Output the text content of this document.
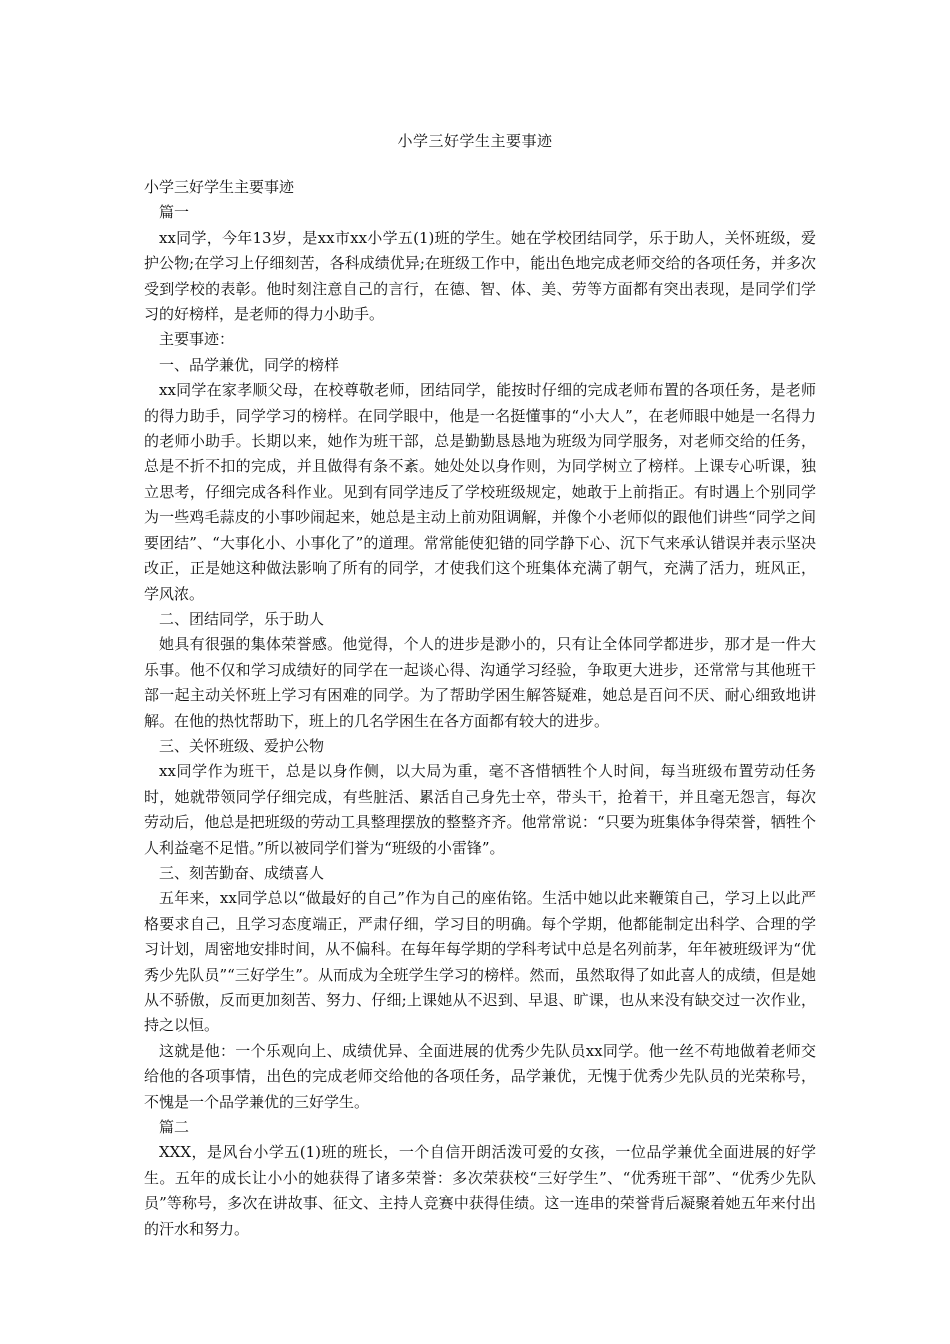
小学三好学生主要事迹

小学三好学生主要事迹

篇一

xx同学，今年13岁，是xx市xx小学五(1)班的学生。她在学校团结同学，乐于助人，关怀班级，爱护公物;在学习上仔细刻苦，各科成绩优异;在班级工作中，能出色地完成老师交给的各项任务，并多次受到学校的表彰。他时刻注意自己的言行，在德、智、体、美、劳等方面都有突出表现，是同学们学习的好榜样，是老师的得力小助手。

主要事迹：

一、品学兼优，同学的榜样

xx同学在家孝顺父母，在校尊敬老师，团结同学，能按时仔细的完成老师布置的各项任务，是老师的得力助手，同学学习的榜样。在同学眼中，他是一名挺懂事的“小大人”，在老师眼中她是一名得力的老师小助手。长期以来，她作为班干部，总是勤勤恳恳地为班级为同学服务，对老师交给的任务，总是不折不扣的完成，并且做得有条不紊。她处处以身作则，为同学树立了榜样。上课专心听课，独立思考，仔细完成各科作业。见到有同学违反了学校班级规定，她敢于上前指正。有时遇上个别同学为一些鸡毛蒜皮的小事吵闹起来，她总是主动上前劝阻调解，并像个小老师似的跟他们讲些“同学之间要团结”、“大事化小、小事化了”的道理。常常能使犯错的同学静下心、沉下气来承认错误并表示坚决改正，正是她这种做法影响了所有的同学，才使我们这个班集体充满了朝气，充满了活力，班风正，学风浓。

二、团结同学，乐于助人

她具有很强的集体荣誉感。他觉得，个人的进步是渺小的，只有让全体同学都进步，那才是一件大乐事。他不仅和学习成绩好的同学在一起谈心得、沟通学习经验，争取更大进步，还常常与其他班干部一起主动关怀班上学习有困难的同学。为了帮助学困生解答疑难，她总是百问不厌、耐心细致地讲解。在他的热忱帮助下，班上的几名学困生在各方面都有较大的进步。

三、关怀班级、爱护公物

xx同学作为班干，总是以身作侧，以大局为重，毫不吝惜牺牲个人时间，每当班级布置劳动任务时，她就带领同学仔细完成，有些脏活、累活自己身先士卒，带头干，抢着干，并且毫无怨言，每次劳动后，他总是把班级的劳动工具整理摆放的整整齐齐。他常常说：“只要为班集体争得荣誉，牺牲个人利益毫不足惜。”所以被同学们誉为“班级的小雷锋”。

三、刻苦勤奋、成绩喜人

五年来，xx同学总以“做最好的自己”作为自己的座佑铭。生活中她以此来鞭策自己，学习上以此严格要求自己，且学习态度端正，严肃仔细，学习目的明确。每个学期，他都能制定出科学、合理的学习计划，周密地安排时间，从不偏科。在每年每学期的学科考试中总是名列前茅，年年被班级评为“优秀少先队员”“三好学生”。从而成为全班学生学习的榜样。然而，虽然取得了如此喜人的成绩，但是她从不骄傲，反而更加刻苦、努力、仔细;上课她从不迟到、早退、旷课，也从来没有缺交过一次作业，持之以恒。

这就是他：一个乐观向上、成绩优异、全面进展的优秀少先队员xx同学。他一丝不苟地做着老师交给他的各项事情，出色的完成老师交给他的各项任务，品学兼优，无愧于优秀少先队员的光荣称号，不愧是一个品学兼优的三好学生。

篇二

XXX，是风台小学五(1)班的班长，一个自信开朗活泼可爱的女孩，一位品学兼优全面进展的好学生。五年的成长让小小的她获得了诸多荣誉：多次荣获校“三好学生”、“优秀班干部”、“优秀少先队员”等称号，多次在讲故事、征文、主持人竞赛中获得佳绩。这一连串的荣誉背后凝聚着她五年来付出的汗水和努力。
